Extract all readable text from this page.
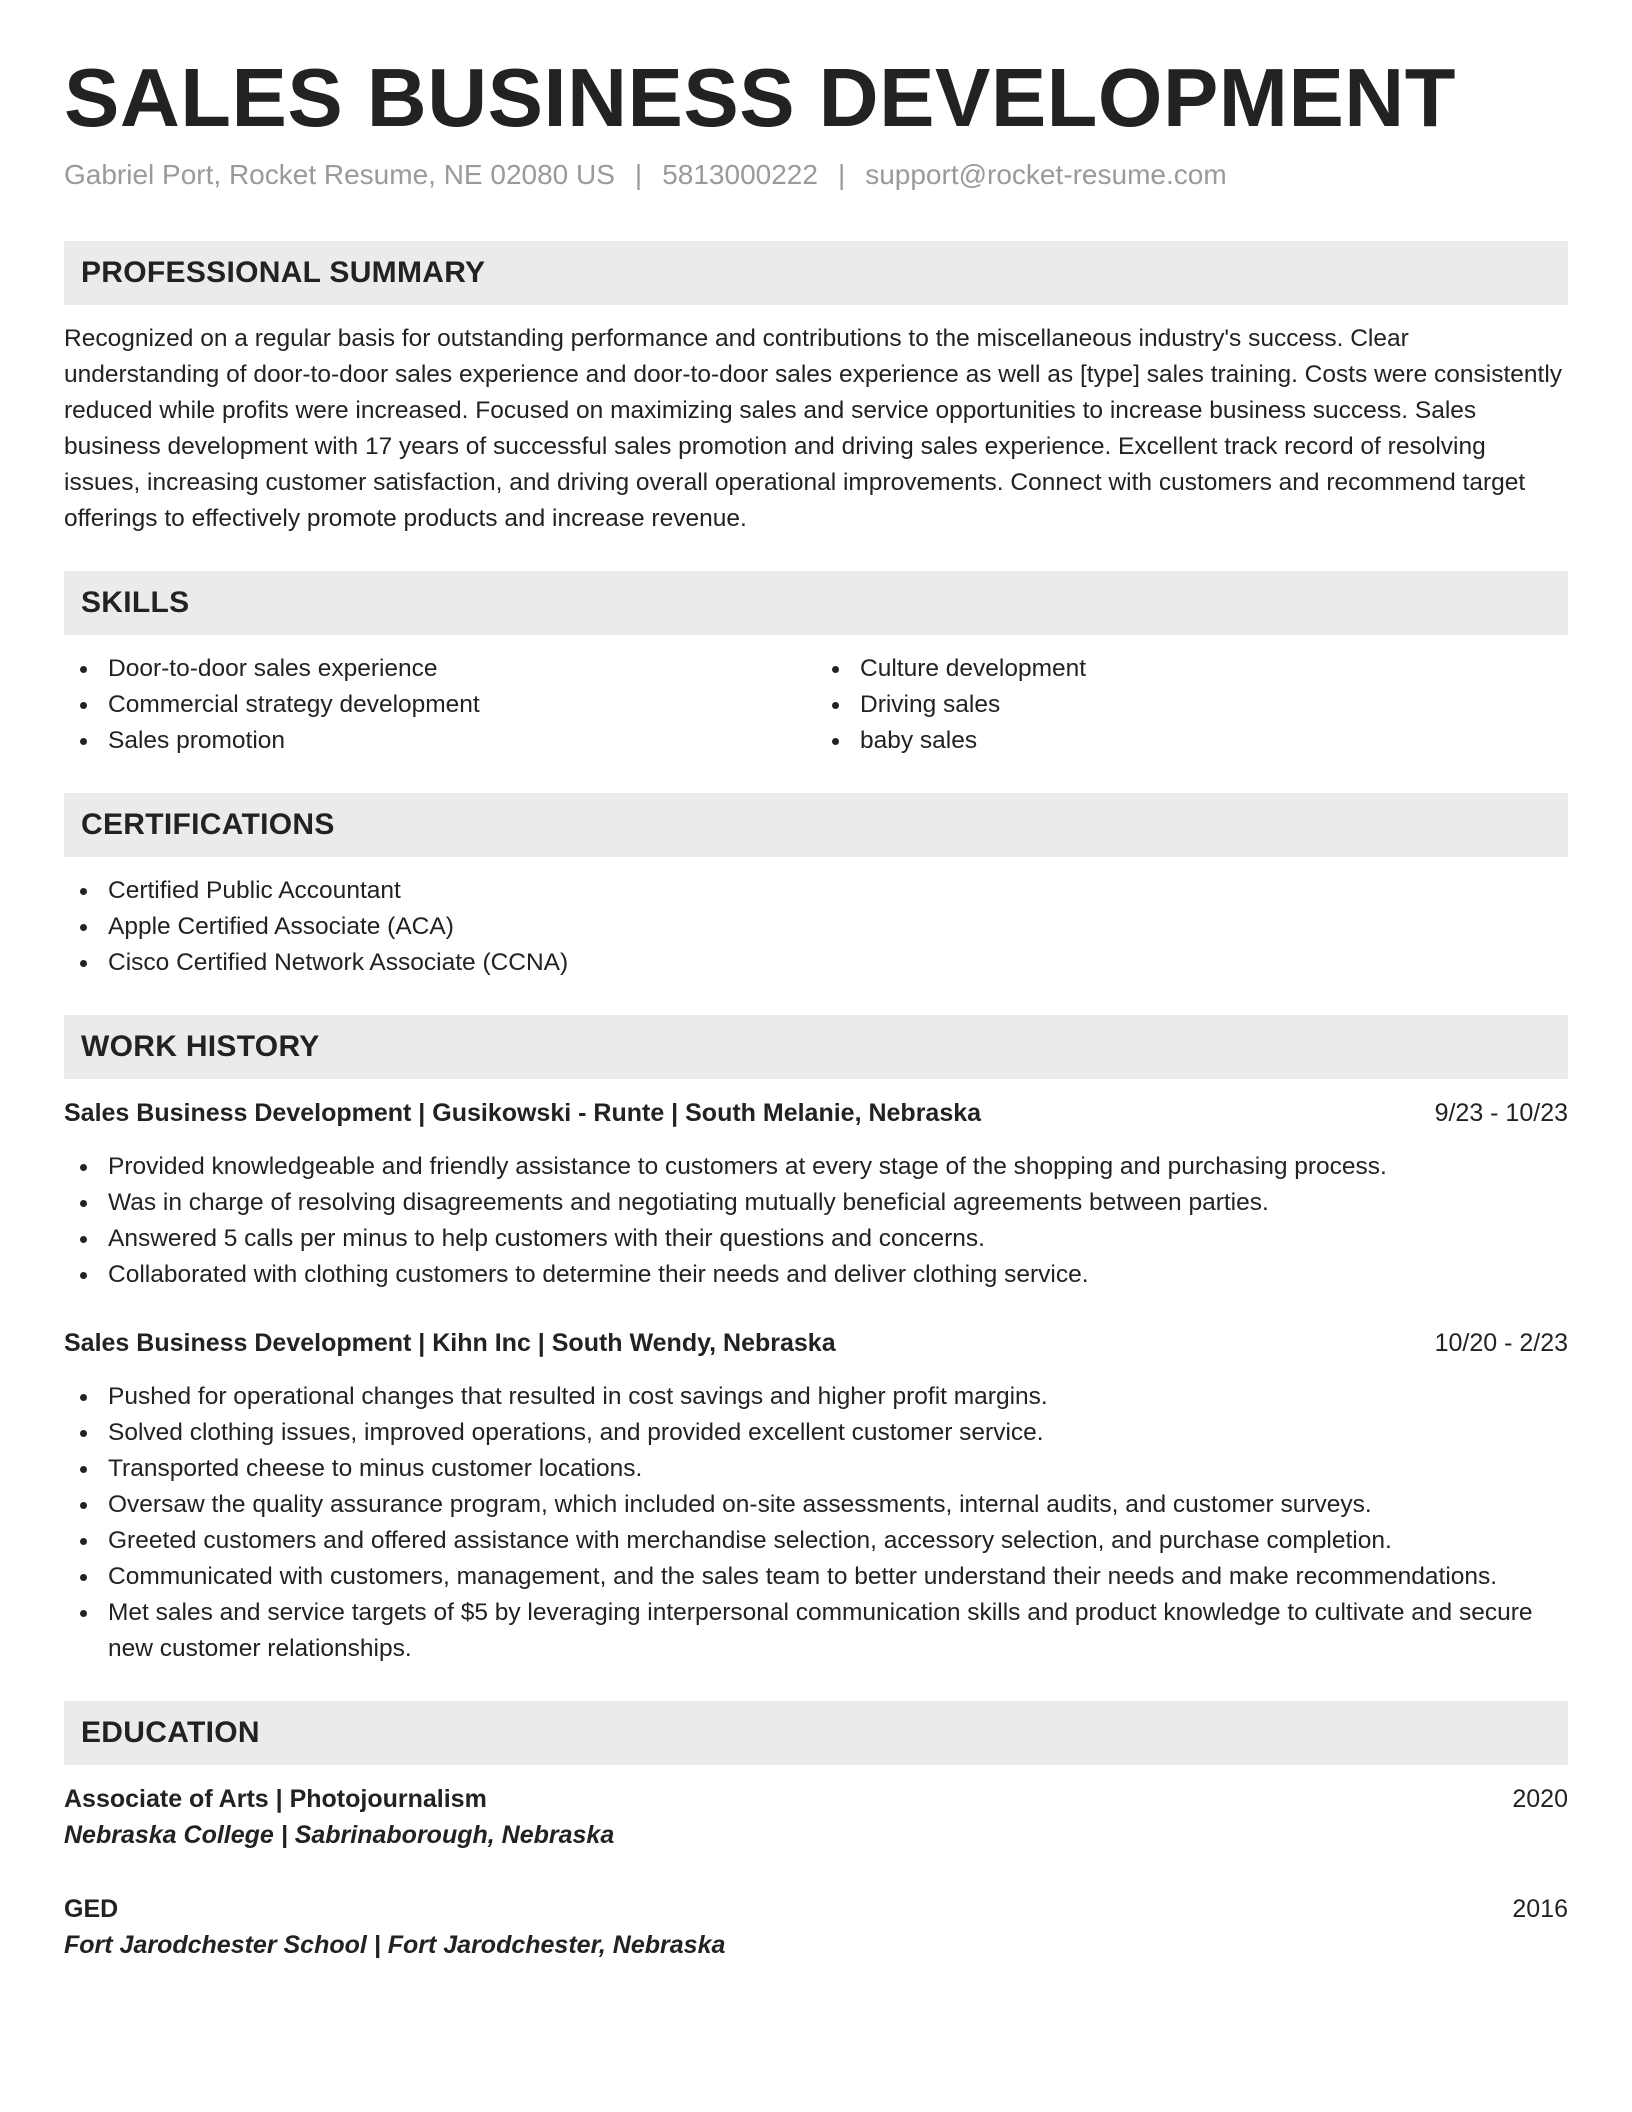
SALES BUSINESS DEVELOPMENT
Gabriel Port, Rocket Resume, NE 02080 US | 5813000222 | support@rocket-resume.com
PROFESSIONAL SUMMARY
Recognized on a regular basis for outstanding performance and contributions to the miscellaneous industry's success. Clear understanding of door-to-door sales experience and door-to-door sales experience as well as [type] sales training. Costs were consistently reduced while profits were increased. Focused on maximizing sales and service opportunities to increase business success. Sales business development with 17 years of successful sales promotion and driving sales experience. Excellent track record of resolving issues, increasing customer satisfaction, and driving overall operational improvements. Connect with customers and recommend target offerings to effectively promote products and increase revenue.
SKILLS
Door-to-door sales experience
Commercial strategy development
Sales promotion
Culture development
Driving sales
baby sales
CERTIFICATIONS
Certified Public Accountant
Apple Certified Associate (ACA)
Cisco Certified Network Associate (CCNA)
WORK HISTORY
Sales Business Development | Gusikowski - Runte | South Melanie, Nebraska	9/23 - 10/23
Provided knowledgeable and friendly assistance to customers at every stage of the shopping and purchasing process.
Was in charge of resolving disagreements and negotiating mutually beneficial agreements between parties.
Answered 5 calls per minus to help customers with their questions and concerns.
Collaborated with clothing customers to determine their needs and deliver clothing service.
Sales Business Development | Kihn Inc | South Wendy, Nebraska	10/20 - 2/23
Pushed for operational changes that resulted in cost savings and higher profit margins.
Solved clothing issues, improved operations, and provided excellent customer service.
Transported cheese to minus customer locations.
Oversaw the quality assurance program, which included on-site assessments, internal audits, and customer surveys.
Greeted customers and offered assistance with merchandise selection, accessory selection, and purchase completion.
Communicated with customers, management, and the sales team to better understand their needs and make recommendations.
Met sales and service targets of $5 by leveraging interpersonal communication skills and product knowledge to cultivate and secure new customer relationships.
EDUCATION
Associate of Arts | Photojournalism	2020
Nebraska College | Sabrinaborough, Nebraska
GED	2016
Fort Jarodchester School | Fort Jarodchester, Nebraska
